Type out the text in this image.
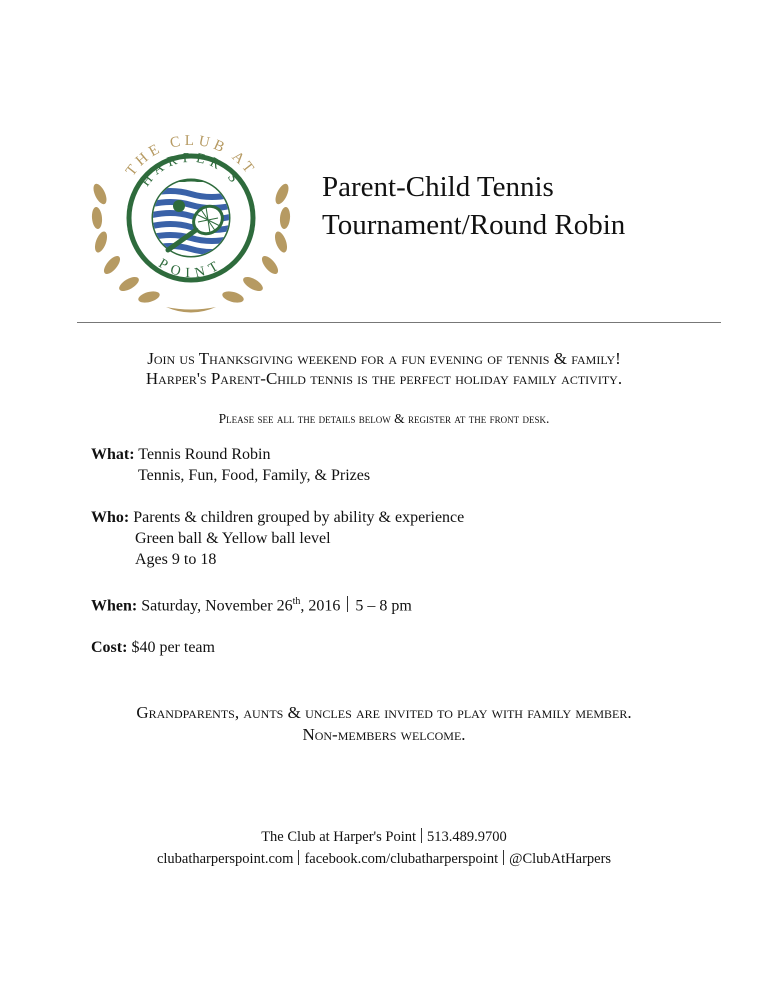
THE CLUB AT
HARPER'S
POINT
Parent-Child Tennis
Tournament/Round Robin
Join us Thanksgiving weekend for a fun evening of tennis & family!
Harper's Parent-Child tennis is the perfect holiday family activity.
Please see all the details below & register at the front desk.

What: Tennis Round Robin

Tennis, Fun, Food, Family, & Prizes

Who: Parents & children grouped by ability & experience

Green ball & Yellow ball level

Ages 9 to 18

When: Saturday, November 26th, 2016 5 – 8 pm

Cost: $40 per team

Grandparents, aunts & uncles are invited to play with family member.
Non-members welcome.
The Club at Harper's Point 513.489.9700
clubatharperspoint.com facebook.com/clubatharperspoint @ClubAtHarpers
